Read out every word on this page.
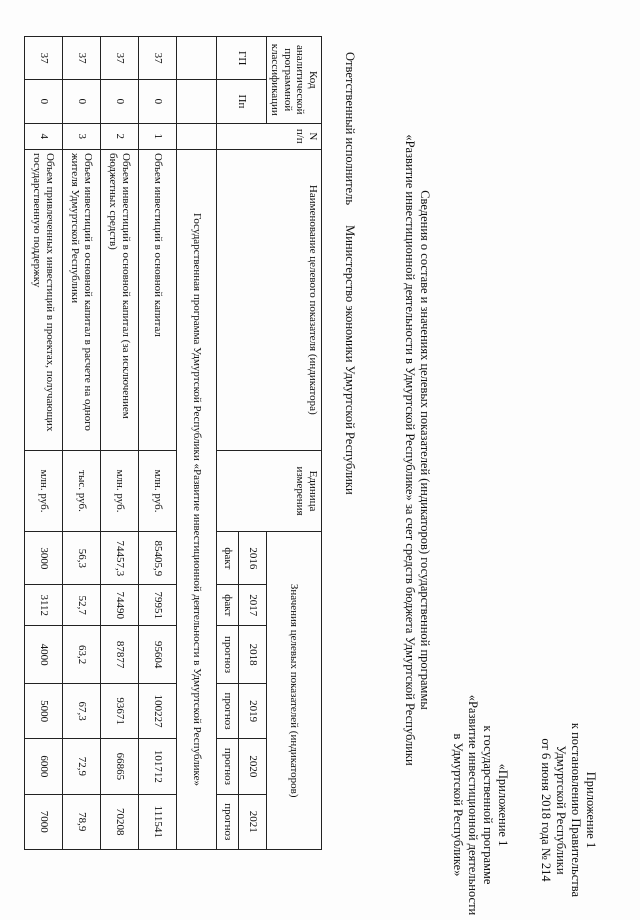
Приложение 1
к постановлению Правительства
Удмуртской Республики
от 6 июня 2018 года № 214
«Приложение 1
к государственной программе
«Развитие инвестиционной деятельности
в Удмуртской Республике»
Сведения о составе и значениях целевых показателей (индикаторов) государственной программы
«Развитие инвестиционной деятельности в Удмуртской Республике» за счет средств бюджета Удмуртской Республики
Ответственный исполнитель Министерство экономики Удмуртской Республики
Код аналитической программной классификации		N п/п	Наименование целевого показателя (индикатора)	Единица измерения	Значения целевых показателей (индикаторов)					
ГП	Пп				2016	2017	2018	2019	2020	2021
					факт	факт	прогноз	прогноз	прогноз	прогноз
			Государственная программа Удмуртской Республики «Развитие инвестиционной деятельности в Удмуртской Республике»							
37	0	1	Объем инвестиций в основной капитал	млн. руб.	85405,9	79951	95604	100227	101712	111541
37	0	2	Объем инвестиций в основной капитал (за исключением бюджетных средств)	млн. руб.	74457,3	74490	87877	93671	66865	70208
37	0	3	Объем инвестиций в основной капитал в расчете на одного жителя Удмуртской Республики	тыс. руб.	56,3	52,7	63,2	67,3	72,9	78,9
37	0	4	Объем привлеченных инвестиций в проектах, получающих государственную поддержку	млн. руб.	3000	3112	4000	5000	6000	7000
